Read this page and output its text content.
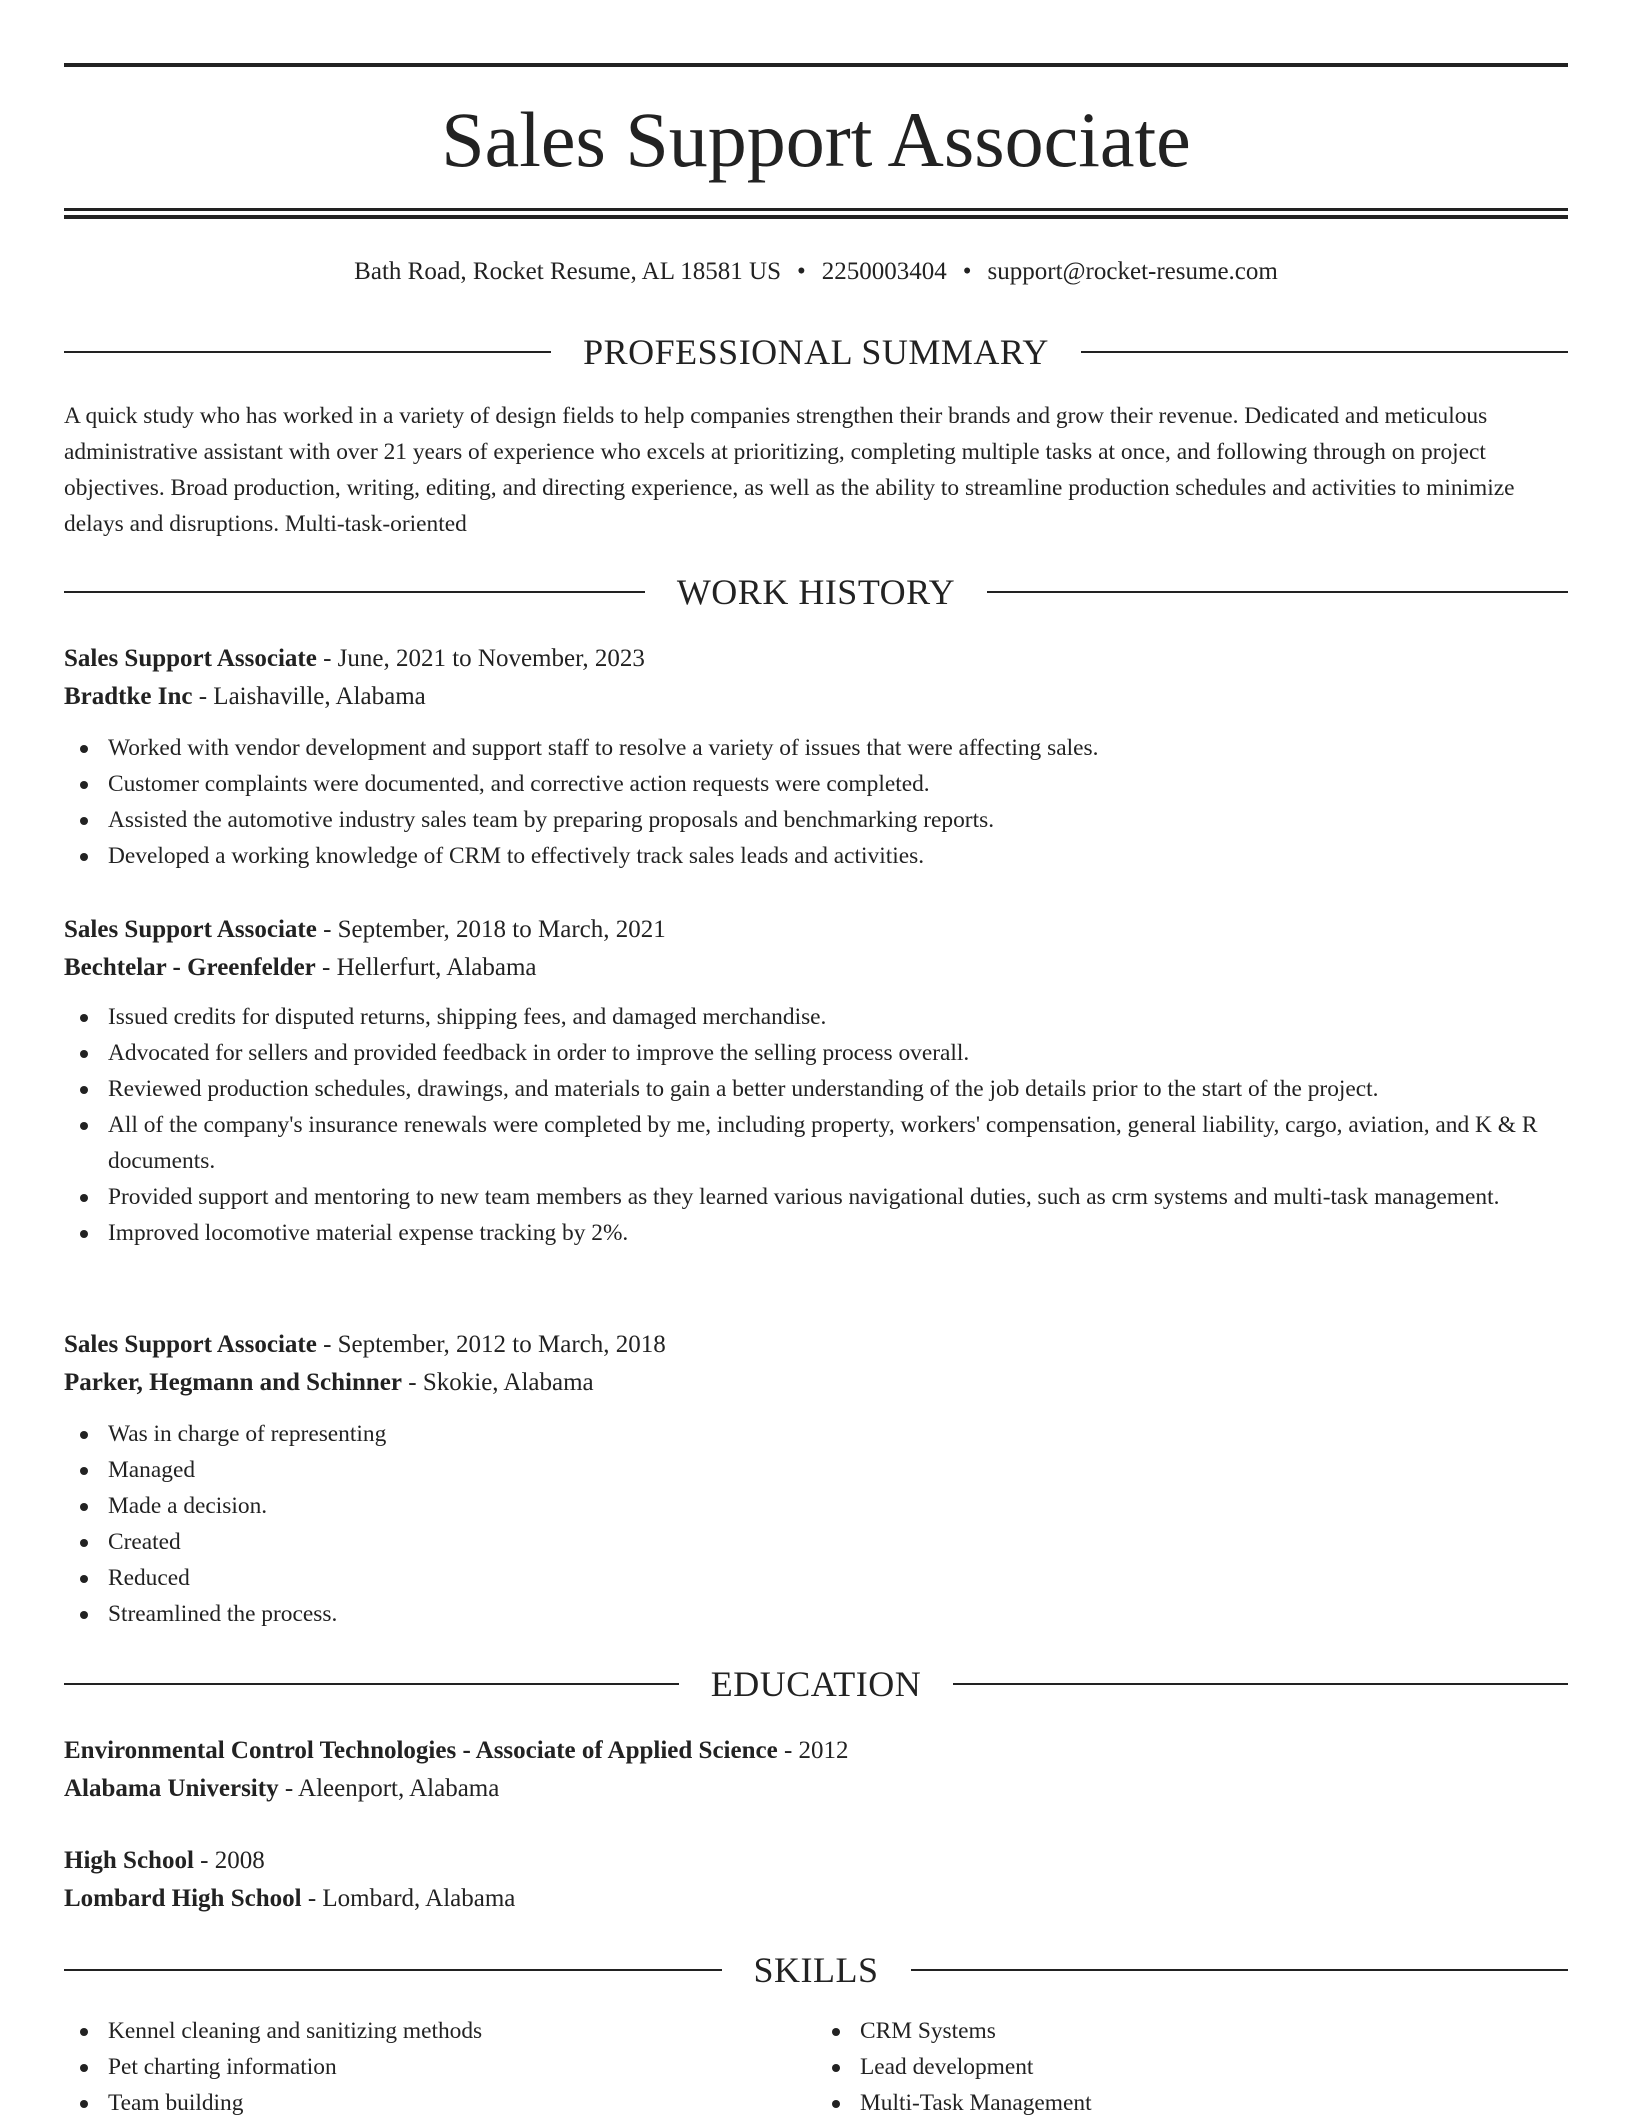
Sales Support Associate
Bath Road, Rocket Resume, AL 18581 US • 2250003404 • support@rocket-resume.com
PROFESSIONAL SUMMARY

A quick study who has worked in a variety of design fields to help companies strengthen their brands and grow their revenue. Dedicated and meticulous administrative assistant with over 21 years of experience who excels at prioritizing, completing multiple tasks at once, and following through on project objectives. Broad production, writing, editing, and directing experience, as well as the ability to streamline production schedules and activities to minimize delays and disruptions. Multi-task-oriented

WORK HISTORY
Sales Support Associate - June, 2021 to November, 2023
Bradtke Inc - Laishaville, Alabama
Worked with vendor development and support staff to resolve a variety of issues that were affecting sales.
Customer complaints were documented, and corrective action requests were completed.
Assisted the automotive industry sales team by preparing proposals and benchmarking reports.
Developed a working knowledge of CRM to effectively track sales leads and activities.
Sales Support Associate - September, 2018 to March, 2021
Bechtelar - Greenfelder - Hellerfurt, Alabama
Issued credits for disputed returns, shipping fees, and damaged merchandise.
Advocated for sellers and provided feedback in order to improve the selling process overall.
Reviewed production schedules, drawings, and materials to gain a better understanding of the job details prior to the start of the project.
All of the company's insurance renewals were completed by me, including property, workers' compensation, general liability, cargo, aviation, and K & R documents.
Provided support and mentoring to new team members as they learned various navigational duties, such as crm systems and multi-task management.
Improved locomotive material expense tracking by 2%.
Sales Support Associate - September, 2012 to March, 2018
Parker, Hegmann and Schinner - Skokie, Alabama
Was in charge of representing
Managed
Made a decision.
Created
Reduced
Streamlined the process.
EDUCATION
Environmental Control Technologies - Associate of Applied Science - 2012
Alabama University - Aleenport, Alabama
High School - 2008
Lombard High School - Lombard, Alabama
SKILLS
Kennel cleaning and sanitizing methods
Pet charting information
Team building
CRM Systems
Lead development
Multi-Task Management
